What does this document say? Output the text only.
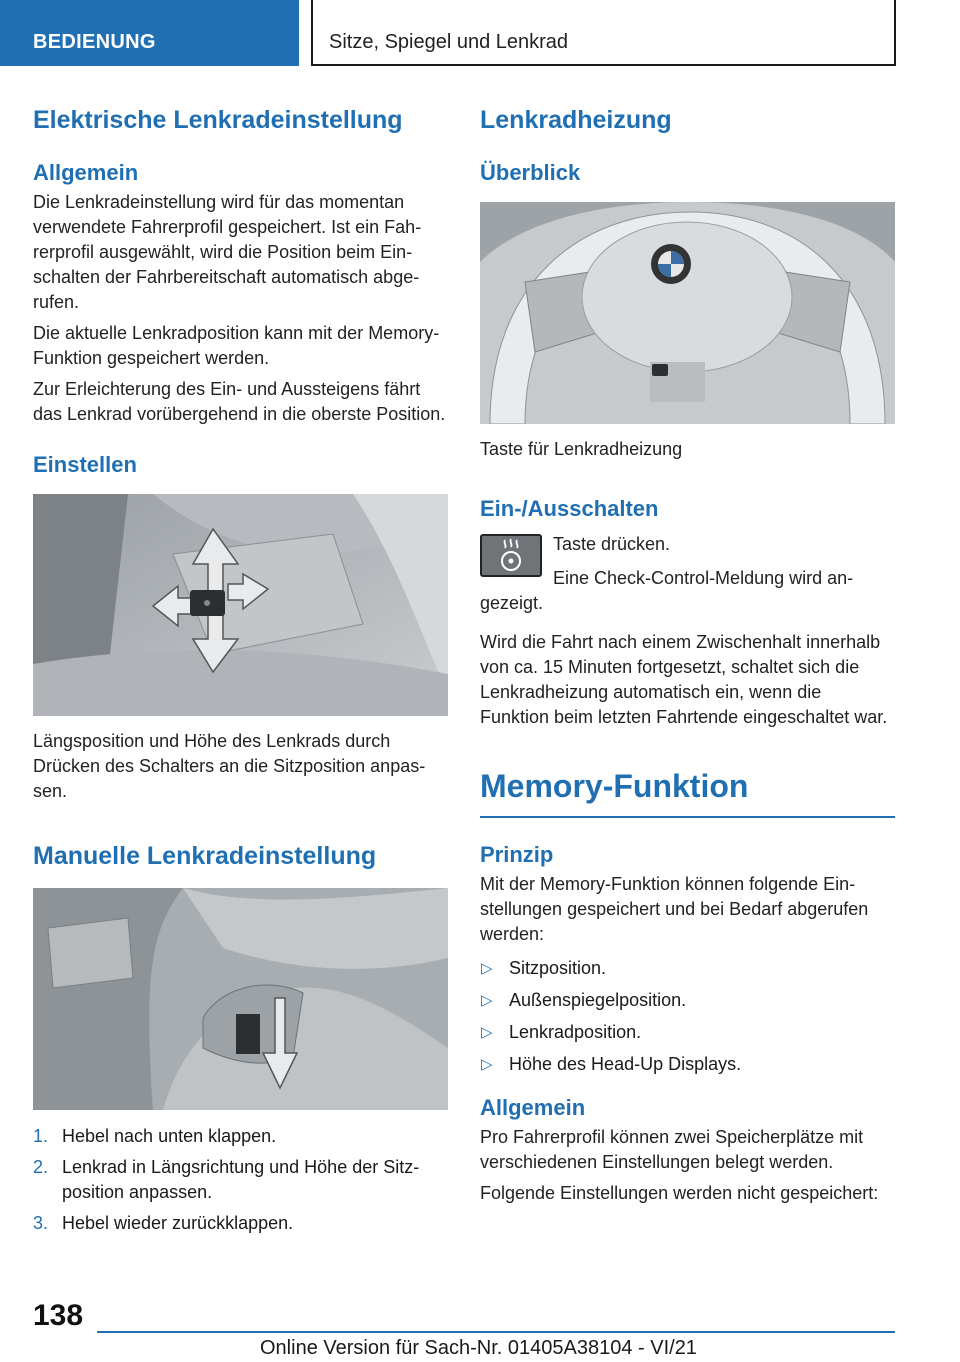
BEDIENUNG	Sitze, Spiegel und Lenkrad
Elektrische Lenkradeinstellung
Allgemein

Die Lenkradeinstellung wird für das momentan verwendete Fahrerprofil gespeichert. Ist ein Fahrerprofil ausgewählt, wird die Position beim Einschalten der Fahrbereitschaft automatisch abgerufen.

Die aktuelle Lenkradposition kann mit der Memory-Funktion gespeichert werden.

Zur Erleichterung des Ein- und Aussteigens fährt das Lenkrad vorübergehend in die oberste Position.

Einstellen
Längsposition und Höhe des Lenkrads durch Drücken des Schalters an die Sitzposition anpassen.
Manuelle Lenkradeinstellung
1. Hebel nach unten klappen.
2. Lenkrad in Längsrichtung und Höhe der Sitzposition anpassen.
3. Hebel wieder zurückklappen.
Lenkradheizung
Überblick
Taste für Lenkradheizung
Ein-/Ausschalten

Taste drücken.

Eine Check-Control-Meldung wird angezeigt.

Wird die Fahrt nach einem Zwischenhalt innerhalb von ca. 15 Minuten fortgesetzt, schaltet sich die Lenkradheizung automatisch ein, wenn die Funktion beim letzten Fahrtende eingeschaltet war.

Memory-Funktion
Prinzip

Mit der Memory-Funktion können folgende Einstellungen gespeichert und bei Bedarf abgerufen werden:

▷ Sitzposition.
▷ Außenspiegelposition.
▷ Lenkradposition.
▷ Höhe des Head-Up Displays.
Allgemein

Pro Fahrerprofil können zwei Speicherplätze mit verschiedenen Einstellungen belegt werden.

Folgende Einstellungen werden nicht gespeichert:

138
Online Version für Sach-Nr. 01405A38104 - VI/21
